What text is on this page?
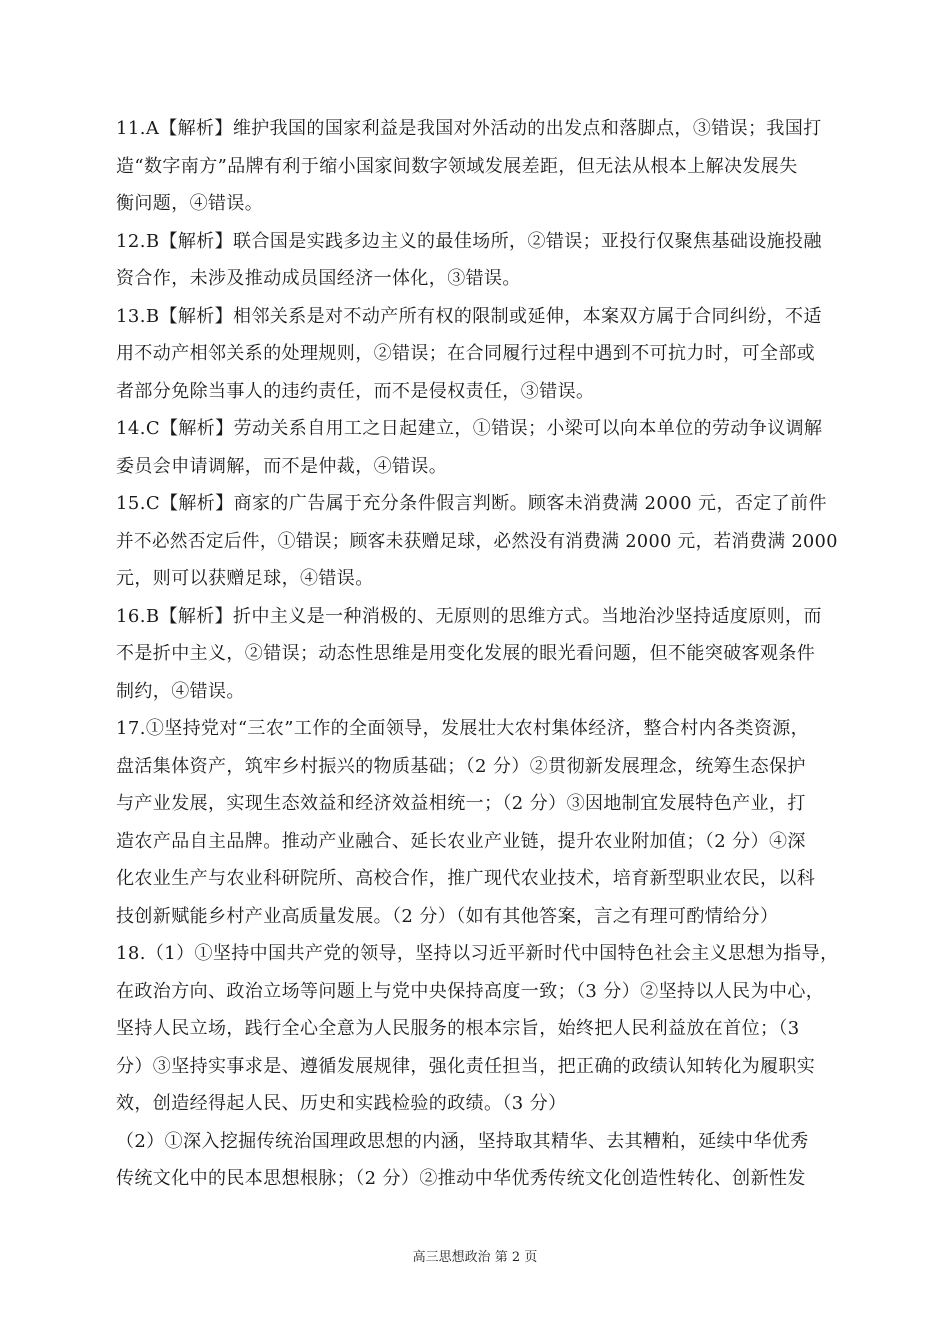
11.A【解析】维护我国的国家利益是我国对外活动的出发点和落脚点，③错误；我国打
造“数字南方”品牌有利于缩小国家间数字领域发展差距，但无法从根本上解决发展失
衡问题，④错误。
12.B【解析】联合国是实践多边主义的最佳场所，②错误；亚投行仅聚焦基础设施投融
资合作，未涉及推动成员国经济一体化，③错误。
13.B【解析】相邻关系是对不动产所有权的限制或延伸，本案双方属于合同纠纷，不适
用不动产相邻关系的处理规则，②错误；在合同履行过程中遇到不可抗力时，可全部或
者部分免除当事人的违约责任，而不是侵权责任，③错误。
14.C【解析】劳动关系自用工之日起建立，①错误；小梁可以向本单位的劳动争议调解
委员会申请调解，而不是仲裁，④错误。
15.C【解析】商家的广告属于充分条件假言判断。顾客未消费满 2000 元，否定了前件
并不必然否定后件，①错误；顾客未获赠足球，必然没有消费满 2000 元，若消费满 2000
元，则可以获赠足球，④错误。
16.B【解析】折中主义是一种消极的、无原则的思维方式。当地治沙坚持适度原则，而
不是折中主义，②错误；动态性思维是用变化发展的眼光看问题，但不能突破客观条件
制约，④错误。
17.①坚持党对“三农”工作的全面领导，发展壮大农村集体经济，整合村内各类资源，
盘活集体资产，筑牢乡村振兴的物质基础；（2 分）②贯彻新发展理念，统筹生态保护
与产业发展，实现生态效益和经济效益相统一；（2 分）③因地制宜发展特色产业，打
造农产品自主品牌。推动产业融合、延长农业产业链，提升农业附加值；（2 分）④深
化农业生产与农业科研院所、高校合作，推广现代农业技术，培育新型职业农民，以科
技创新赋能乡村产业高质量发展。（2 分）（如有其他答案，言之有理可酌情给分）
18.（1）①坚持中国共产党的领导，坚持以习近平新时代中国特色社会主义思想为指导，
在政治方向、政治立场等问题上与党中央保持高度一致；（3 分）②坚持以人民为中心，
坚持人民立场，践行全心全意为人民服务的根本宗旨，始终把人民利益放在首位；（3
分）③坚持实事求是、遵循发展规律，强化责任担当，把正确的政绩认知转化为履职实
效，创造经得起人民、历史和实践检验的政绩。（3 分）
（2）①深入挖掘传统治国理政思想的内涵，坚持取其精华、去其糟粕，延续中华优秀
传统文化中的民本思想根脉；（2 分）②推动中华优秀传统文化创造性转化、创新性发
高三思想政治 第 2 页
